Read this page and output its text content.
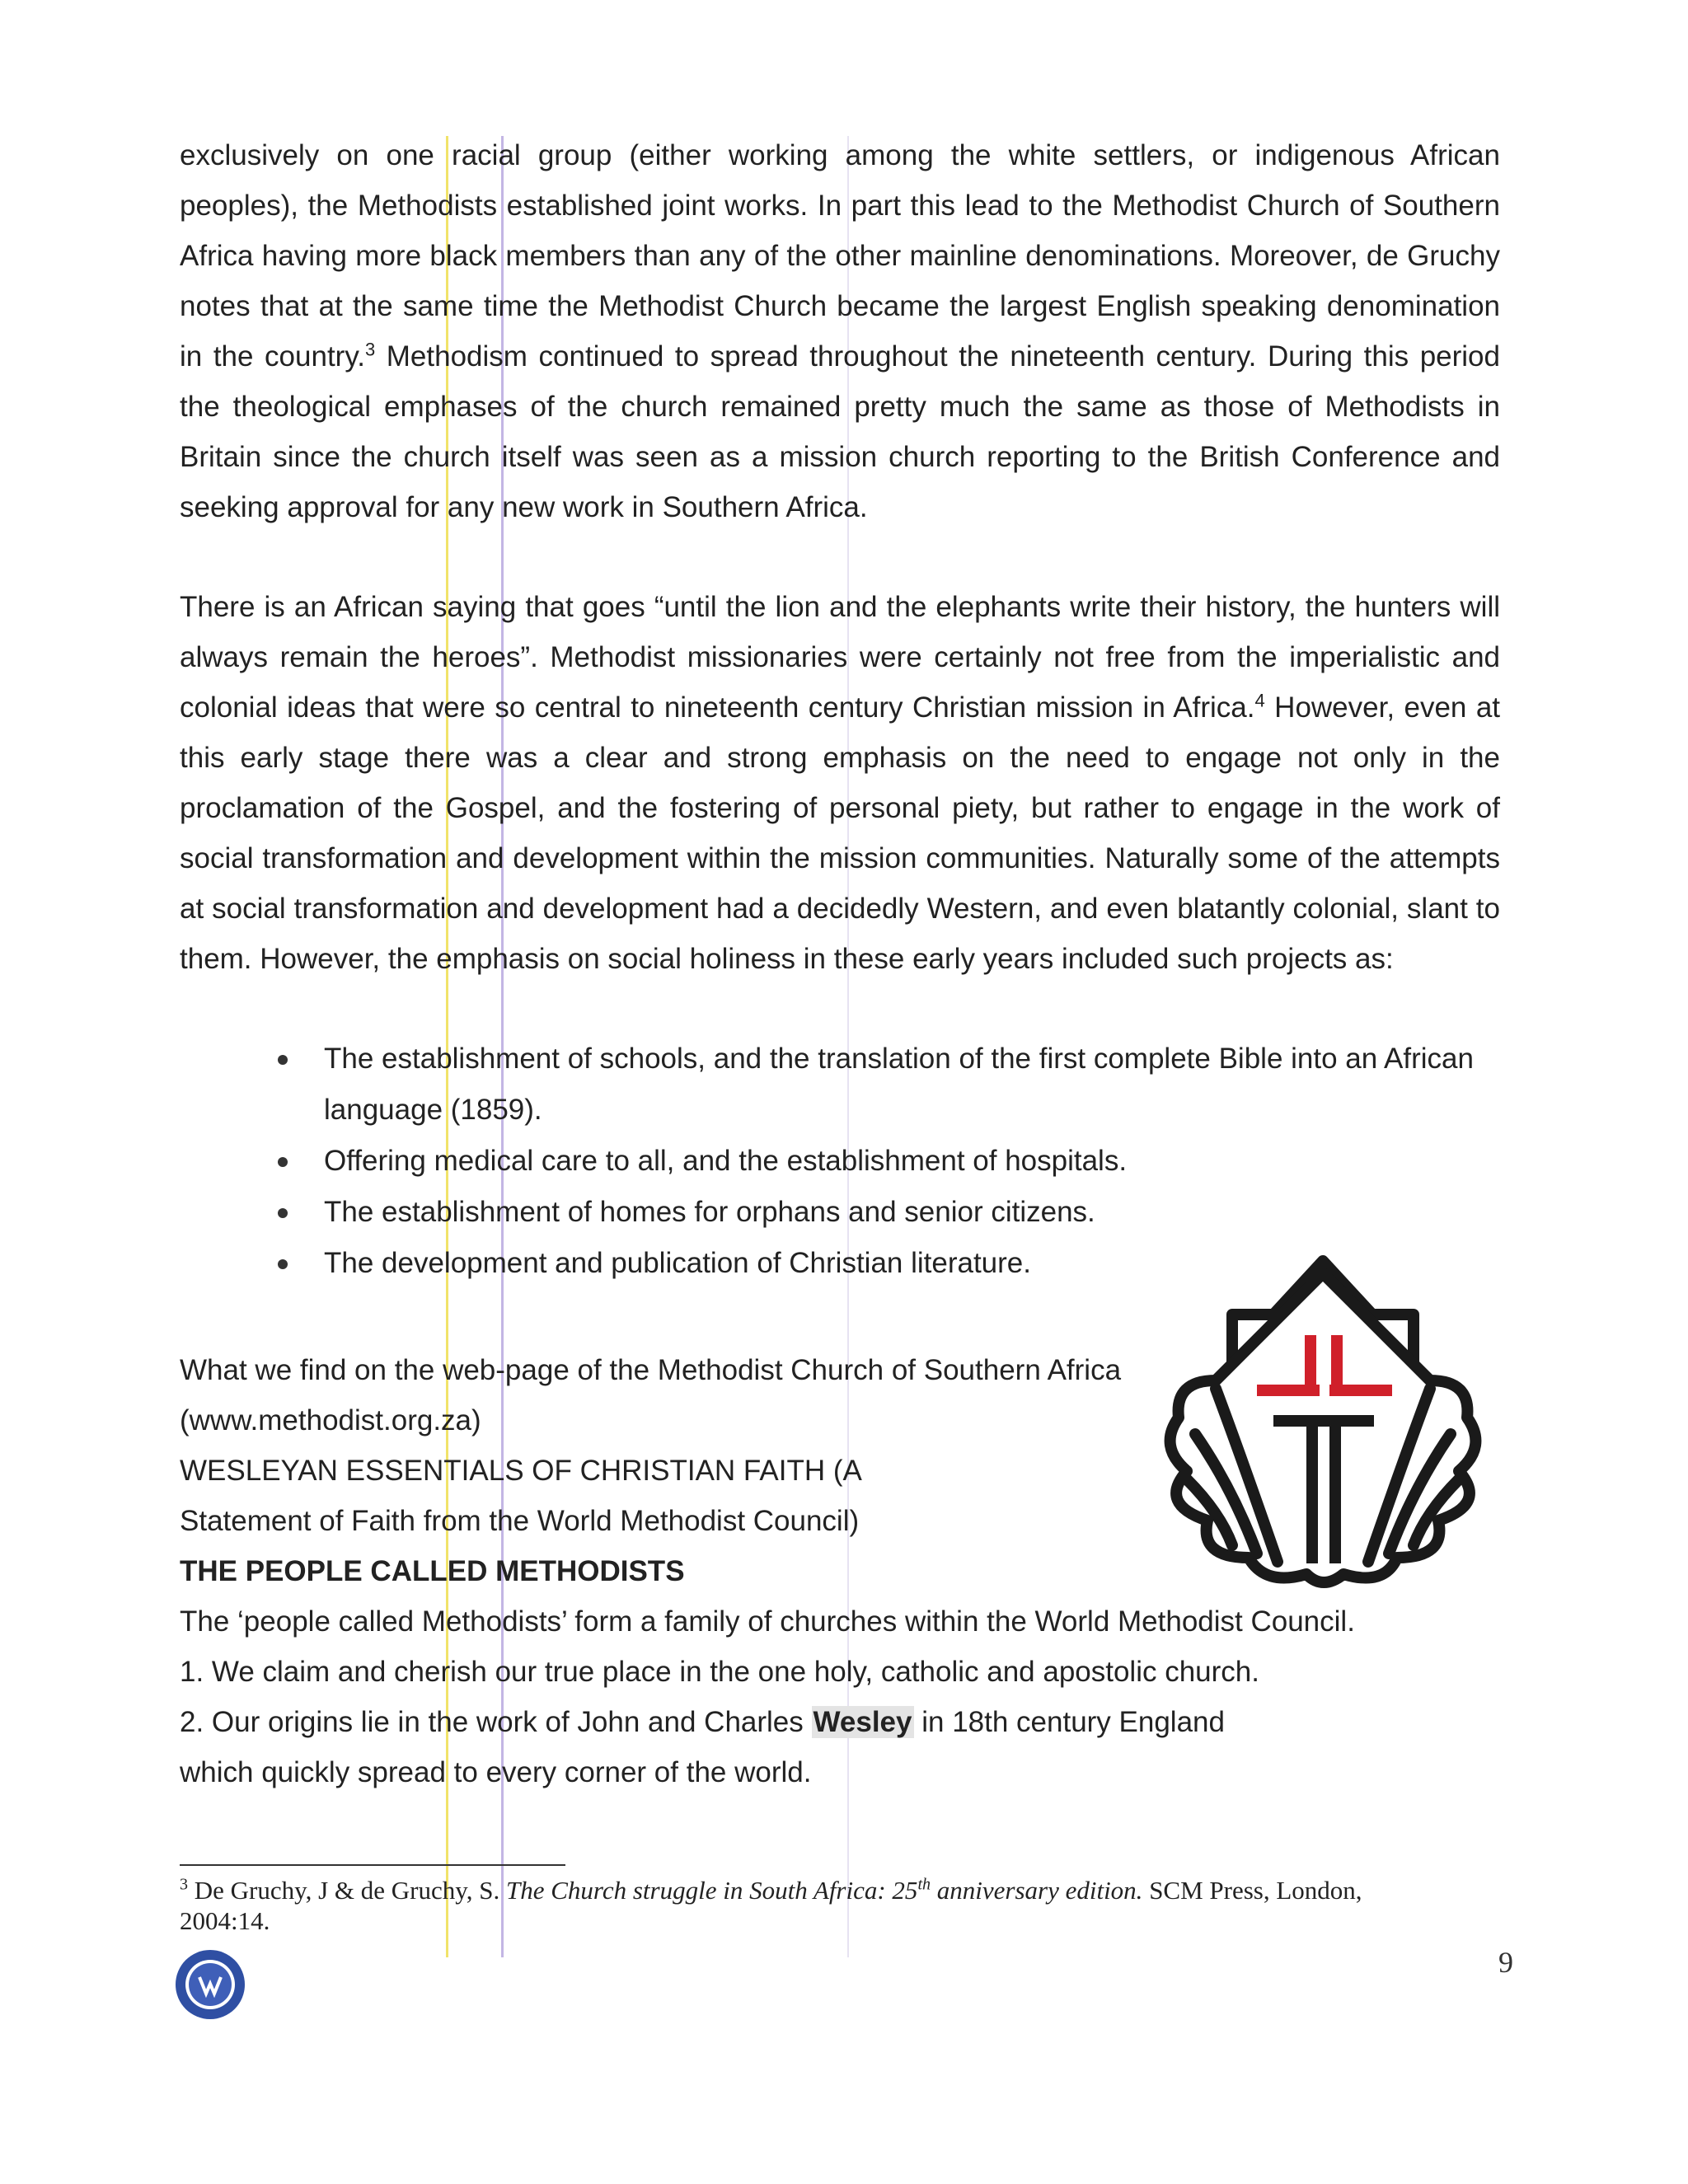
exclusively on one racial group (either working among the white settlers, or indigenous African peoples), the Methodists established joint works. In part this lead to the Methodist Church of Southern Africa having more black members than any of the other mainline denominations. Moreover, de Gruchy notes that at the same time the Methodist Church became the largest English speaking denomination in the country.$^3$ Methodism continued to spread throughout the nineteenth century. During this period the theological emphases of the church remained pretty much the same as those of Methodists in Britain since the church itself was seen as a mission church reporting to the British Conference and seeking approval for any new work in Southern Africa.

There is an African saying that goes “until the lion and the elephants write their history, the hunters will always remain the heroes”. Methodist missionaries were certainly not free from the imperialistic and colonial ideas that were so central to nineteenth century Christian mission in Africa.$^4$ However, even at this early stage there was a clear and strong emphasis on the need to engage not only in the proclamation of the Gospel, and the fostering of personal piety, but rather to engage in the work of social transformation and development within the mission communities. Naturally some of the attempts at social transformation and development had a decidedly Western, and even blatantly colonial, slant to them. However, the emphasis on social holiness in these early years included such projects as:

The establishment of schools, and the translation of the first complete Bible into an African language (1859).
Offering medical care to all, and the establishment of hospitals.
The establishment of homes for orphans and senior citizens.
The development and publication of Christian literature.
What we find on the web-page of the Methodist Church of Southern Africa
(www.methodist.org.za)
WESLEYAN ESSENTIALS OF CHRISTIAN FAITH (A
Statement of Faith from the World Methodist Council)
THE PEOPLE CALLED METHODISTS
The ‘people called Methodists’ form a family of churches within the World Methodist Council.
1. We claim and cherish our true place in the one holy, catholic and apostolic church.
2. Our origins lie in the work of John and Charles Wesley in 18th century England
which quickly spread to every corner of the world.
$^3$ De Gruchy, J & de Gruchy, S. The Church struggle in South Africa: 25th anniversary edition. SCM Press, London, 2004:14.
9
